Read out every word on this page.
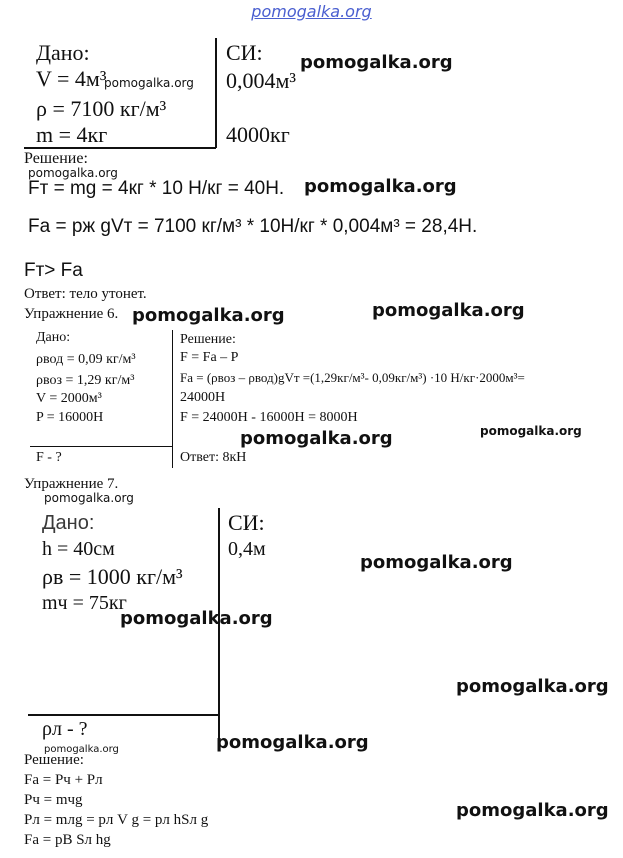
pomogalka.org
Дано:
V = 4м³
ρ = 7100 кг/м³
m = 4кг
СИ:
0,004м³
4000кг
Решение:
Fт = mg = 4кг * 10 Н/кг = 40Н.
Fа = pж gVт = 7100 кг/м³ * 10Н/кг * 0,004м³ = 28,4Н.
Fт> Fа
Ответ: тело утонет.
Упражнение 6.
Дано:
ρвод = 0,09 кг/м³
ρвоз = 1,29 кг/м³
V = 2000м³
P = 16000Н
F - ?
Решение:
F = Fа – P
Fа = (ρвоз – ρвод)gVт =(1,29кг/м³- 0,09кг/м³) ·10 Н/кг·2000м³=
24000Н
F = 24000Н - 16000Н = 8000Н
Ответ: 8кН
Упражнение 7.
Дано:
h = 40см
ρв = 1000 кг/м³
mч = 75кг
ρл - ?
СИ:
0,4м
Решение:
Fа = Pч + Pл
Pч = mчg
Pл = mлg = pл V g = pл hSл g
Fа = pB Sл hg
pomogalka.org
pomogalka.org
pomogalka.org
pomogalka.org
pomogalka.org	pomogalka.org
pomogalka.org	pomogalka.org
pomogalka.org
pomogalka.org
pomogalka.org
pomogalka.org
pomogalka.org
pomogalka.org
pomogalka.org
